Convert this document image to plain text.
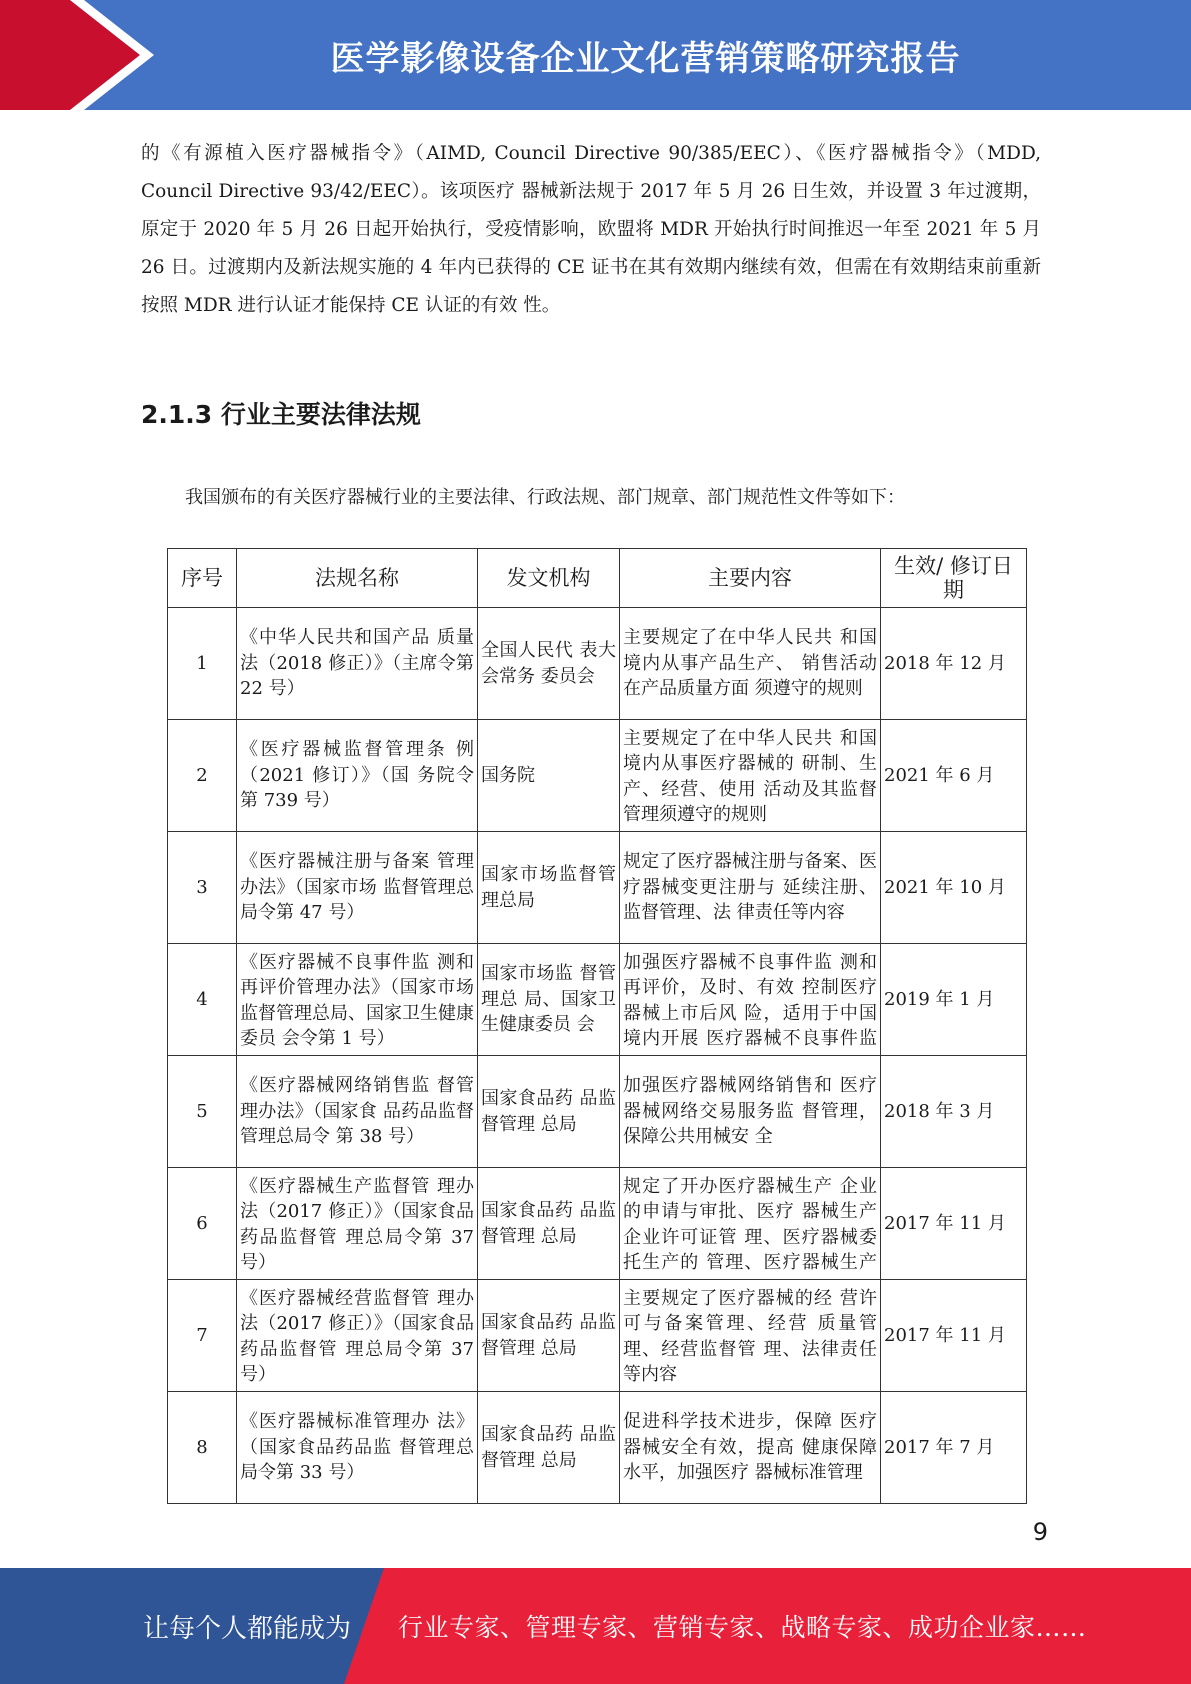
医学影像设备企业文化营销策略研究报告
的《有源植入医疗器械指令》（AIMD, Council Directive 90/385/EEC）、《医疗器械指令》（MDD, Council Directive 93/42/EEC）。该项医疗 器械新法规于 2017 年 5 月 26 日生效，并设置 3 年过渡期，原定于 2020 年 5 月 26 日起开始执行，受疫情影响，欧盟将 MDR 开始执行时间推迟一年至 2021 年 5 月 26 日。过渡期内及新法规实施的 4 年内已获得的 CE 证书在其有效期内继续有效，但需在有效期结束前重新按照 MDR 进行认证才能保持 CE 认证的有效 性。
2.1.3 行业主要法律法规
我国颁布的有关医疗器械行业的主要法律、行政法规、部门规章、部门规范性文件等如下：
序号	法规名称	发文机构	主要内容	生效/ 修订日期
1	《中华人民共和国产品 质量法（2018 修正）》（主席令第 22 号）	全国人民代 表大会常务 委员会	主要规定了在中华人民共 和国境内从事产品生产、 销售活动在产品质量方面 须遵守的规则	2018 年 12 月
2	《医疗器械监督管理条 例（2021 修订）》（国 务院令第 739 号）	国务院	主要规定了在中华人民共 和国境内从事医疗器械的 研制、生产、经营、使用 活动及其监督管理须遵守的规则	2021 年 6 月
3	《医疗器械注册与备案 管理办法》（国家市场 监督管理总局令第 47 号）	国家市场监督管理总局	规定了医疗器械注册与备案、医疗器械变更注册与 延续注册、监督管理、法 律责任等内容	2021 年 10 月
4	《医疗器械不良事件监 测和再评价管理办法》（国家市场监督管理总局、国家卫生健康委员 会令第 1 号）	国家市场监 督管理总 局、国家卫 生健康委员 会	加强医疗器械不良事件监 测和再评价，及时、有效 控制医疗器械上市后风 险，适用于中国境内开展 医疗器械不良事件监	2019 年 1 月
5	《医疗器械网络销售监 督管理办法》（国家食 品药品监督管理总局令 第 38 号）	国家食品药 品监督管理 总局	加强医疗器械网络销售和 医疗器械网络交易服务监 督管理，保障公共用械安 全	2018 年 3 月
6	《医疗器械生产监督管 理办法（2017 修正）》（国家食品药品监督管 理总局令第 37 号）	国家食品药 品监督管理 总局	规定了开办医疗器械生产 企业的申请与审批、医疗 器械生产企业许可证管 理、医疗器械委托生产的 管理、医疗器械生产	2017 年 11 月
7	《医疗器械经营监督管 理办法（2017 修正）》（国家食品药品监督管 理总局令第 37 号）	国家食品药 品监督管理 总局	主要规定了医疗器械的经 营许可与备案管理、经营 质量管理、经营监督管 理、法律责任等内容	2017 年 11 月
8	《医疗器械标准管理办 法》（国家食品药品监 督管理总局令第 33 号）	国家食品药 品监督管理 总局	促进科学技术进步，保障 医疗器械安全有效，提高 健康保障水平，加强医疗 器械标准管理	2017 年 7 月
9
让每个人都能成为 行业专家、管理专家、营销专家、战略专家、成功企业家……
